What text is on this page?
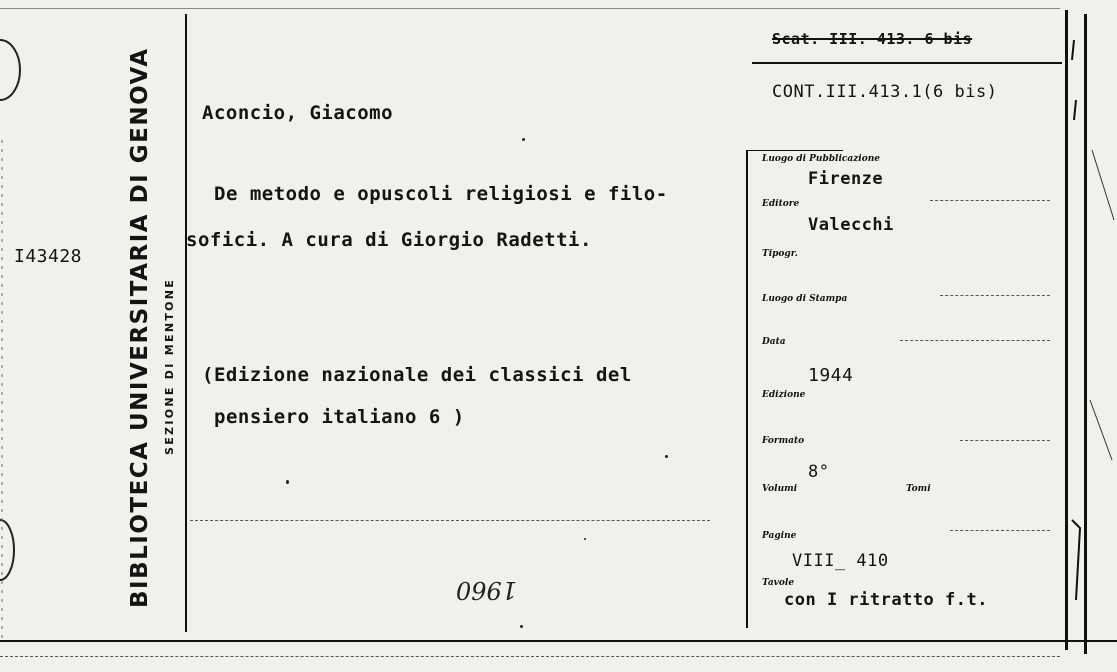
BIBLIOTECA UNIVERSITARIA DI GENOVA SEZIONE DI MENTONE
I43428
Scat. III. 413. 6 bis
CONT.III.413.1(6 bis)
Aconcio, Giacomo
De metodo e opuscoli religiosi e filo-
sofici. A cura di Giorgio Radetti.
(Edizione nazionale dei classici del
pensiero italiano 6 )
1960
Luogo di Pubblicazione
Firenze
Editore
Valecchi
Tipogr.
Luogo di Stampa
Data
1944
Edizione
Formato
8°
Volumi	Tomi
Pagine
VIII_ 410
Tavole
con I ritratto f.t.
